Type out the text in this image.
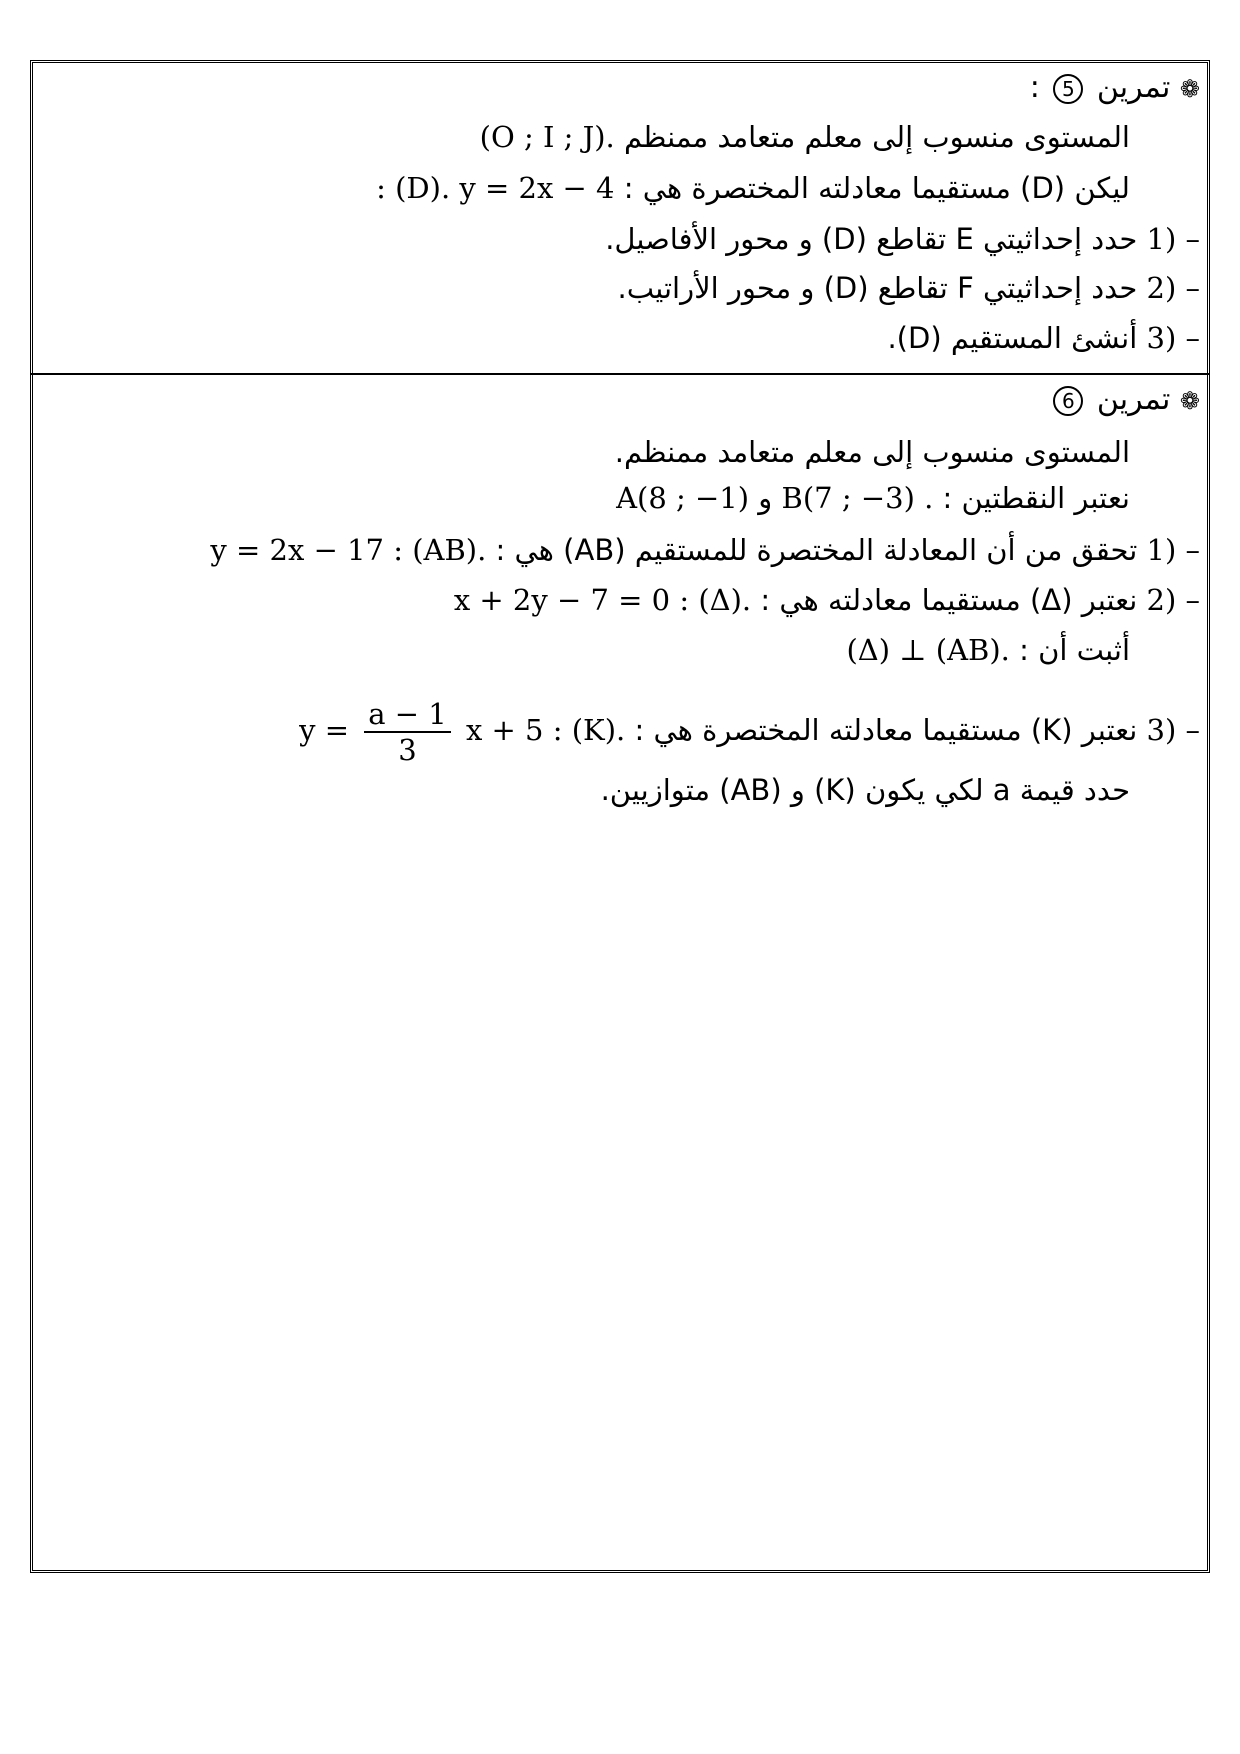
❁ تمرين 5 :
المستوى منسوب إلى معلم متعامد ممنظم (O ; I ; J).
ليكن (D) مستقيما معادلته المختصرة هي : y = 2x − 4 : (D).
1) – حدد إحداثيتي E تقاطع (D) و محور الأفاصيل.
2) – حدد إحداثيتي F تقاطع (D) و محور الأراتيب.
3) – أنشئ المستقيم (D).
❁ تمرين 6
المستوى منسوب إلى معلم متعامد ممنظم.
نعتبر النقطتين : A(8 ; −1) و B(7 ; −3) .
1) – تحقق من أن المعادلة المختصرة للمستقيم (AB) هي : y = 2x − 17 : (AB).
2) – نعتبر (Δ) مستقيما معادلته هي : x + 2y − 7 = 0 : (Δ).
أثبت أن : (Δ) ⊥ (AB).
3) – نعتبر (K) مستقيما معادلته المختصرة هي : $y = \frac{a - 1}{3}$ x + 5 : (K).
حدد قيمة a لكي يكون (K) و (AB) متوازيين.
